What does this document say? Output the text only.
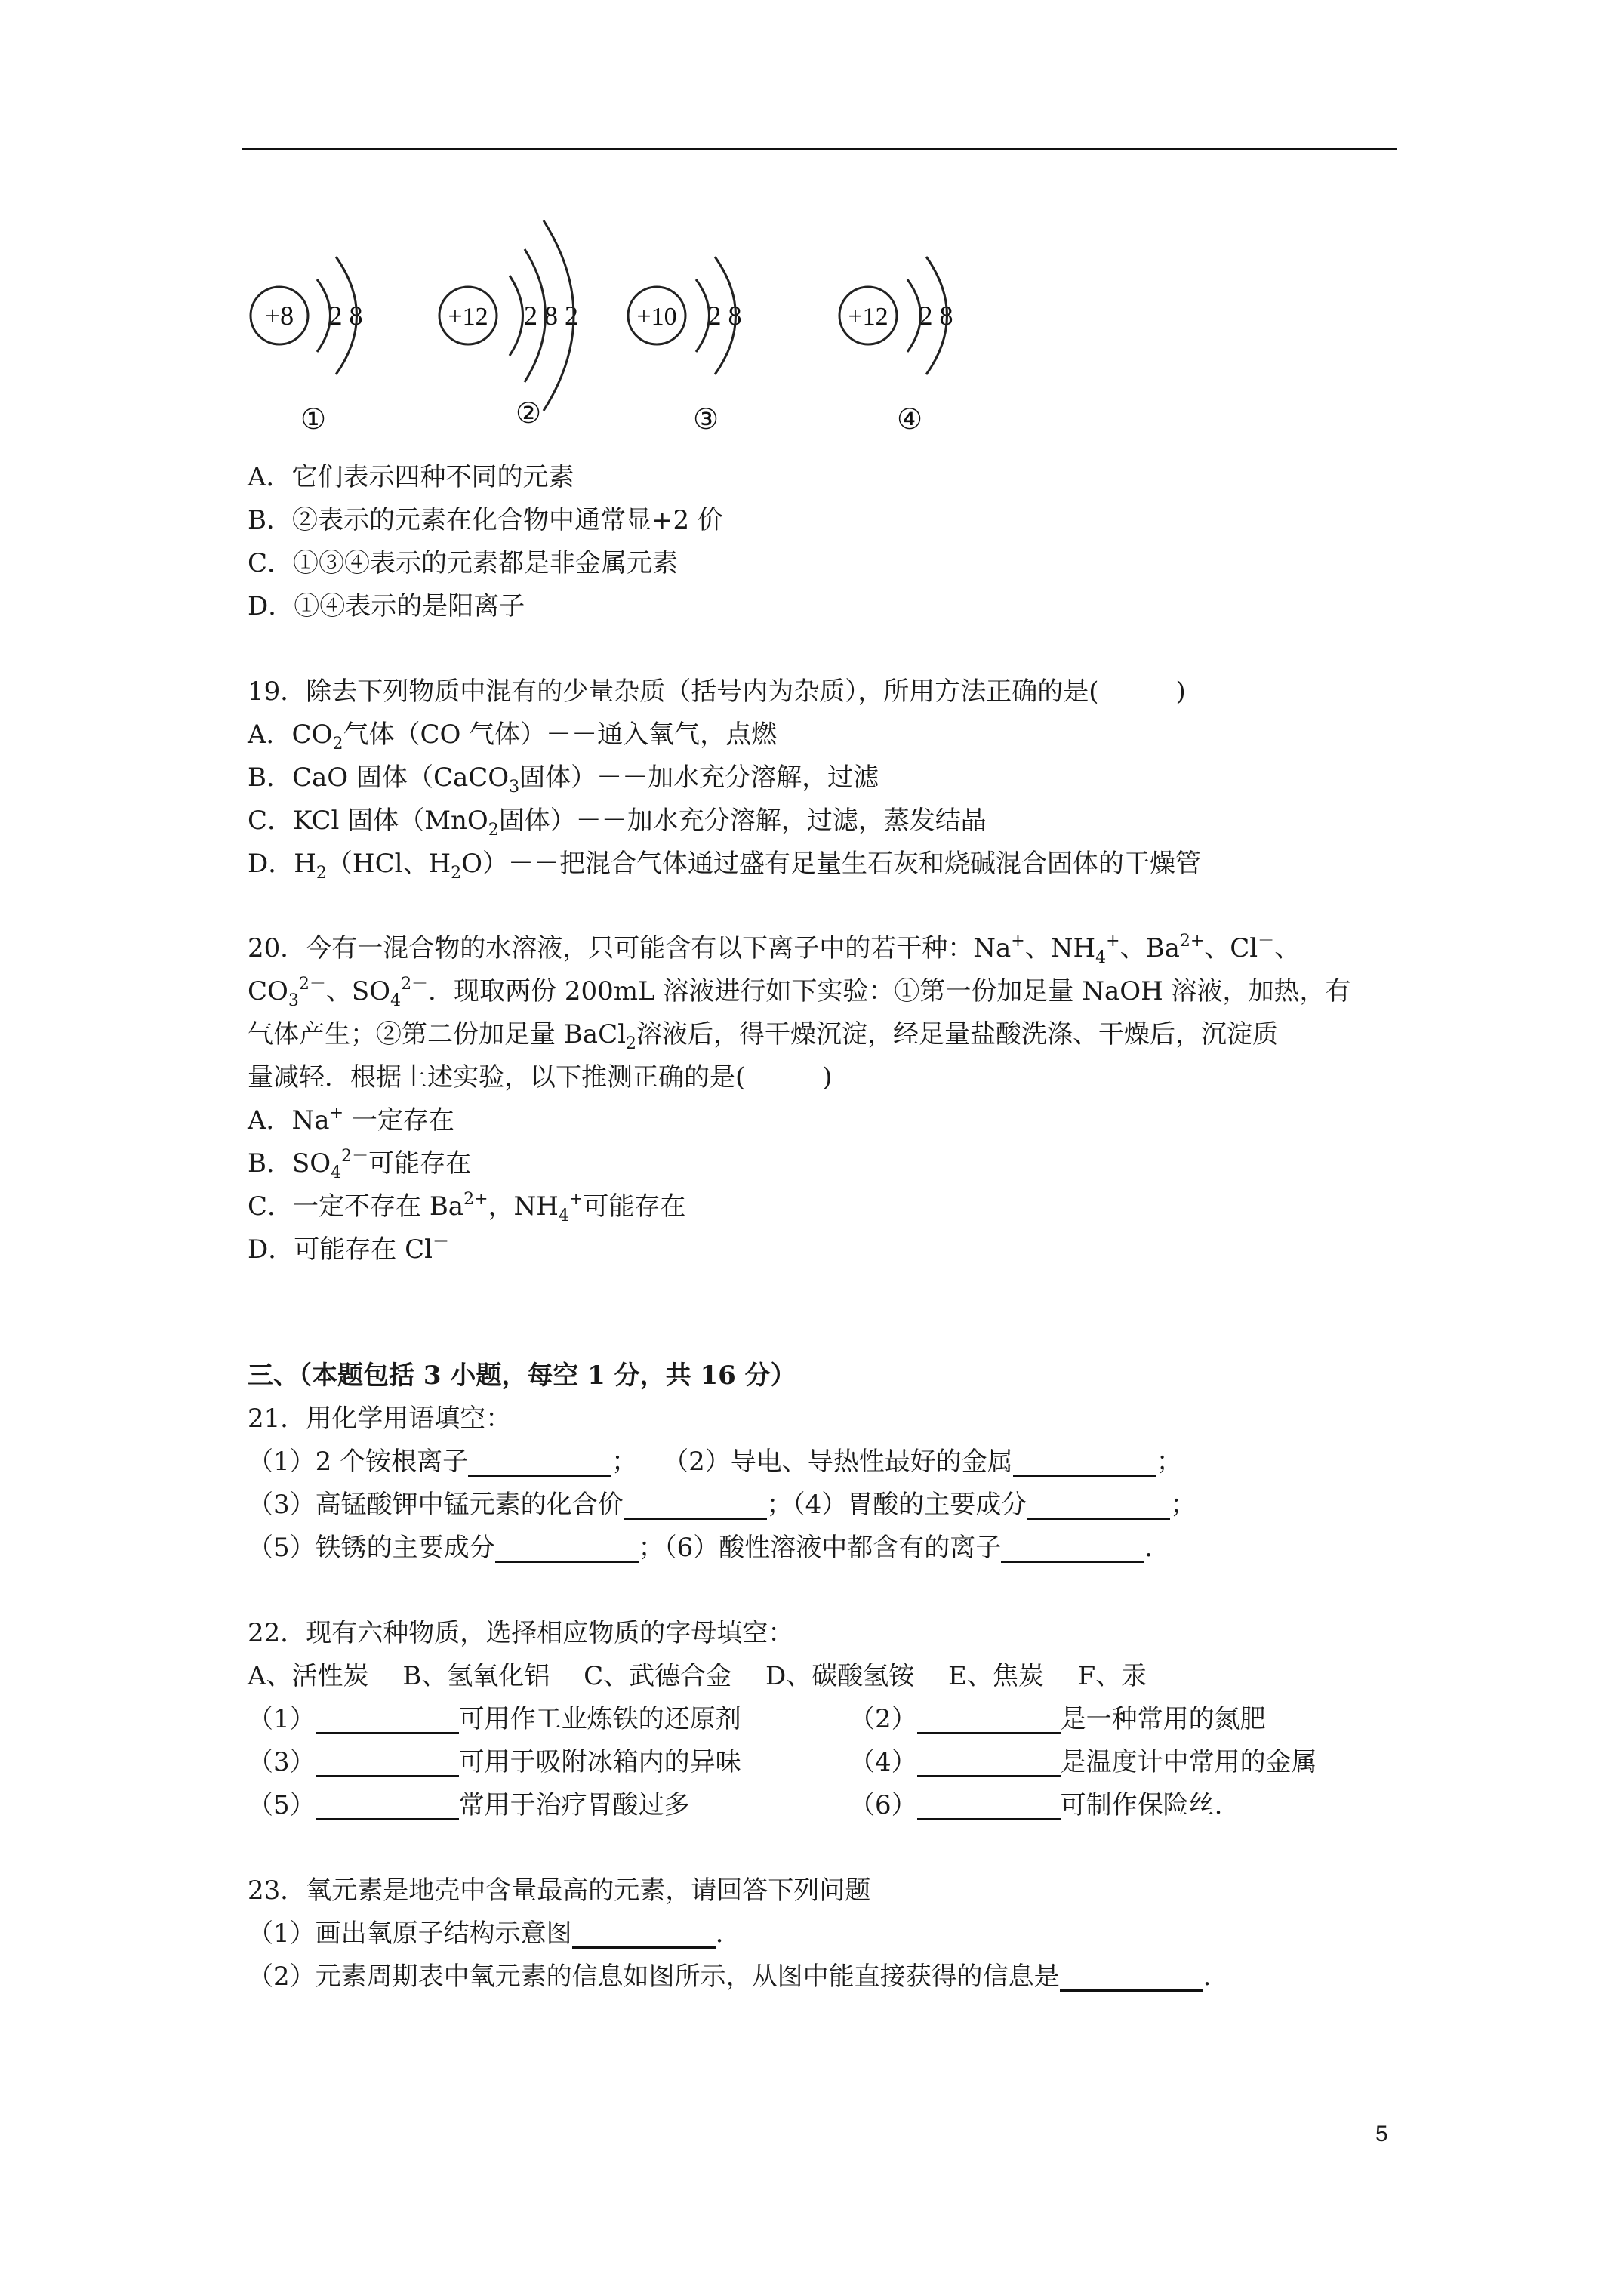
+8 2 8
①
+12 2 8 2
②
+10 2 8
③
+12 2 8
④
A．它们表示四种不同的元素
B．②表示的元素在化合物中通常显+2 价
C．①③④表示的元素都是非金属元素
D．①④表示的是阳离子
19．除去下列物质中混有的少量杂质（括号内为杂质），所用方法正确的是(　　　)
A．$CO_2$气体（CO 气体）－－通入氧气，点燃
B．CaO 固体（CaCO$_3$固体）－－加水充分溶解，过滤
C．KCl 固体（MnO$_2$固体）－－加水充分溶解，过滤，蒸发结晶
D．$H_2(HCl$、$H_2O)--$把混合气体通过盛有足量生石灰和烧碱混合固体的干燥管
20．今有一混合物的水溶液，只可能含有以下离子中的若干种：Na+、$NH_4^+$、$Ba^{2+}$、Cl－、
$CO_3^{2-}$、$SO_4^{2-}$．现取两份 200mL 溶液进行如下实验：①第一份加足量 NaOH 溶液，加热，有
气体产生；②第二份加足量 BaCl$_2$溶液后，得干燥沉淀，经足量盐酸洗涤、干燥后，沉淀质
量减轻．根据上述实验，以下推测正确的是(　　　)
A．Na+ 一定存在
B．$SO_4^{2-}$可能存在
C．一定不存在 $Ba^{2+}$，$NH_4^+$可能存在
D．可能存在 Cl－
三、（本题包括 3 小题，每空 1 分，共 16 分）
21．用化学用语填空：
（1）2 个铵根离子	；　　（2）导电、导热性最好的金属	；
（3）高锰酸钾中锰元素的化合价	；（4）胃酸的主要成分	；
（5）铁锈的主要成分	；（6）酸性溶液中都含有的离子	．
22．现有六种物质，选择相应物质的字母填空：
A、活性炭　 B、氢氧化铝　 C、武德合金　 D、碳酸氢铵　 E、焦炭　 F、汞
（1）	可用作工业炼铁的还原剂	（2）	是一种常用的氮肥
（3）	可用于吸附冰箱内的异味	（4）	是温度计中常用的金属
（5）	常用于治疗胃酸过多	（6）	可制作保险丝.
23．氧元素是地壳中含量最高的元素，请回答下列问题
（1）画出氧原子结构示意图	.
（2）元素周期表中氧元素的信息如图所示，从图中能直接获得的信息是	.
5
